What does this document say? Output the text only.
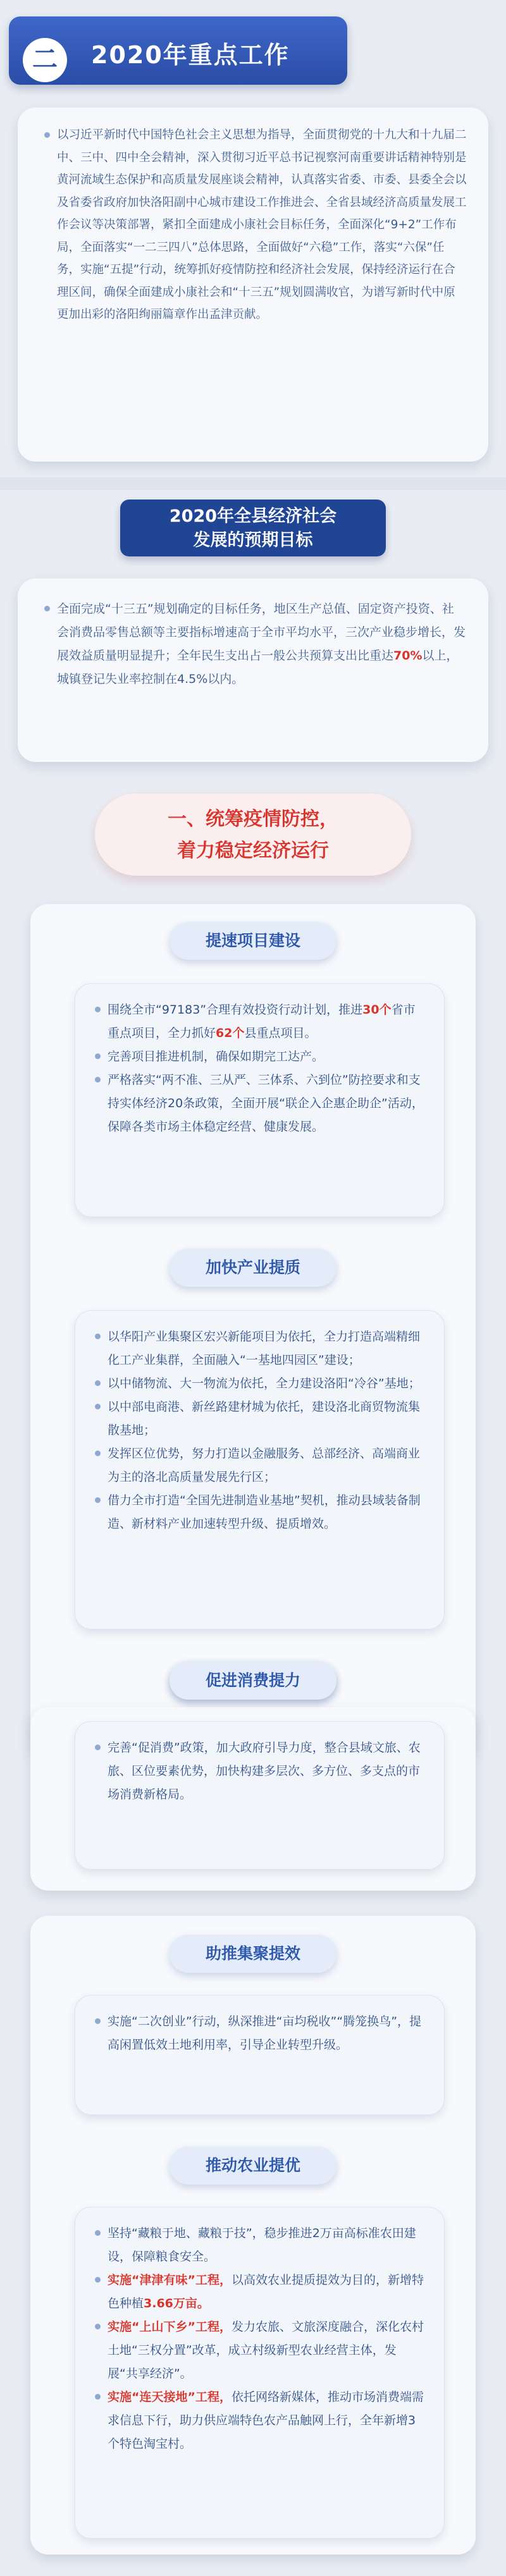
二	2020年重点工作

以习近平新时代中国特色社会主义思想为指导，全面贯彻党的十九大和十九届二中、三中、四中全会精神，深入贯彻习近平总书记视察河南重要讲话精神特别是黄河流域生态保护和高质量发展座谈会精神，认真落实省委、市委、县委全会以及省委省政府加快洛阳副中心城市建设工作推进会、全省县域经济高质量发展工作会议等决策部署，紧扣全面建成小康社会目标任务，全面深化“9+2”工作布局，全面落实“一二三四八”总体思路，全面做好“六稳”工作，落实“六保”任务，实施“五提”行动，统筹抓好疫情防控和经济社会发展，保持经济运行在合理区间，确保全面建成小康社会和“十三五”规划圆满收官，为谱写新时代中原更加出彩的洛阳绚丽篇章作出孟津贡献。

2020年全县经济社会
发展的预期目标

全面完成“十三五”规划确定的目标任务，地区生产总值、固定资产投资、社会消费品零售总额等主要指标增速高于全市平均水平，三次产业稳步增长，发展效益质量明显提升；全年民生支出占一般公共预算支出比重达70%以上，城镇登记失业率控制在4.5%以内。

一、统筹疫情防控，
着力稳定经济运行
提速项目建设

围绕全市“97183”合理有效投资行动计划，推进30个省市重点项目，全力抓好62个县重点项目。

完善项目推进机制，确保如期完工达产。

严格落实“两不准、三从严、三体系、六到位”防控要求和支持实体经济20条政策，全面开展“联企入企惠企助企”活动，保障各类市场主体稳定经营、健康发展。

加快产业提质

以华阳产业集聚区宏兴新能项目为依托，全力打造高端精细化工产业集群，全面融入“一基地四园区”建设；

以中储物流、大一物流为依托，全力建设洛阳“冷谷”基地；

以中部电商港、新丝路建材城为依托，建设洛北商贸物流集散基地；

发挥区位优势，努力打造以金融服务、总部经济、高端商业为主的洛北高质量发展先行区；

借力全市打造“全国先进制造业基地”契机，推动县域装备制造、新材料产业加速转型升级、提质增效。

促进消费提力

完善“促消费”政策，加大政府引导力度，整合县域文旅、农旅、区位要素优势，加快构建多层次、多方位、多支点的市场消费新格局。

助推集聚提效

实施“二次创业”行动，纵深推进“亩均税收”“腾笼换鸟”，提高闲置低效土地利用率，引导企业转型升级。

推动农业提优

坚持“藏粮于地、藏粮于技”，稳步推进2万亩高标准农田建设，保障粮食安全。

实施“津津有味”工程，以高效农业提质提效为目的，新增特色种植3.66万亩。

实施“上山下乡”工程，发力农旅、文旅深度融合，深化农村土地“三权分置”改革，成立村级新型农业经营主体，发展“共享经济”。

实施“连天接地”工程，依托网络新媒体，推动市场消费端需求信息下行，助力供应端特色农产品触网上行，全年新增3个特色淘宝村。
